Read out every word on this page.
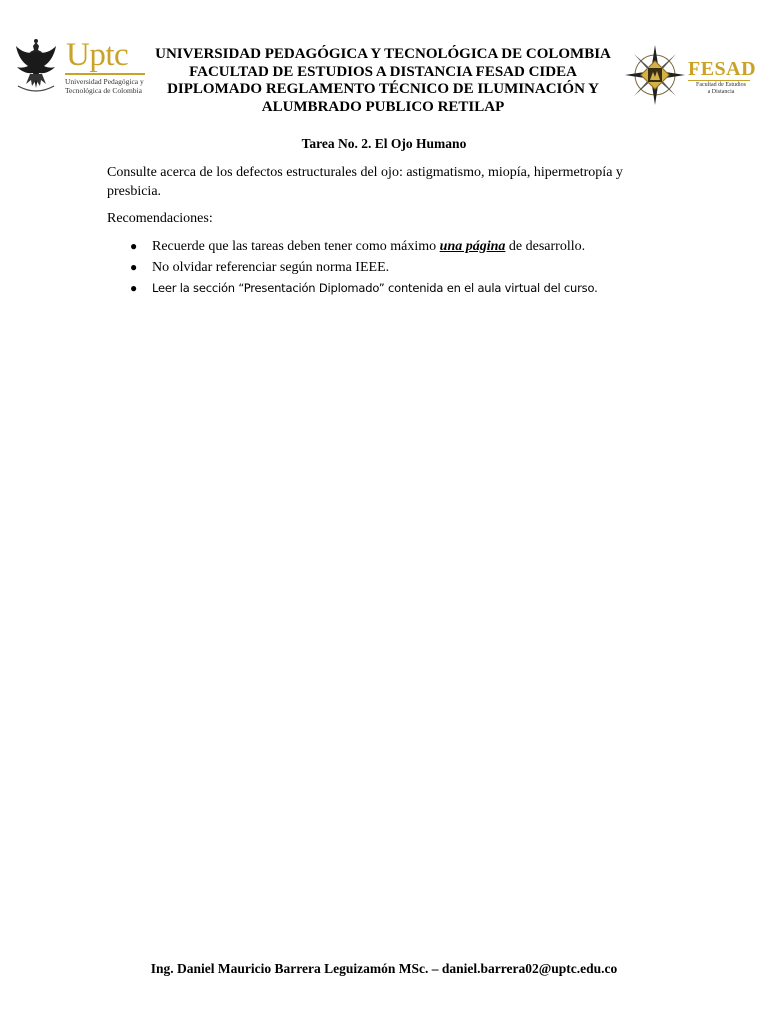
Uptc
Universidad Pedagógica y
Tecnológica de Colombia
UNIVERSIDAD PEDAGÓGICA Y TECNOLÓGICA DE COLOMBIA
FACULTAD DE ESTUDIOS A DISTANCIA FESAD CIDEA
DIPLOMADO REGLAMENTO TÉCNICO DE ILUMINACIÓN Y ALUMBRADO PUBLICO RETILAP
FESAD
Facultad de Estudios
a Distancia
Tarea No. 2. El Ojo Humano

Consulte acerca de los defectos estructurales del ojo: astigmatismo, miopía, hipermetropía y presbicia.

Recomendaciones:

● Recuerde que las tareas deben tener como máximo una página de desarrollo.
● No olvidar referenciar según norma IEEE.
● Leer la sección “Presentación Diplomado” contenida en el aula virtual del curso.
Ing. Daniel Mauricio Barrera Leguizamón MSc. – daniel.barrera02@uptc.edu.co
